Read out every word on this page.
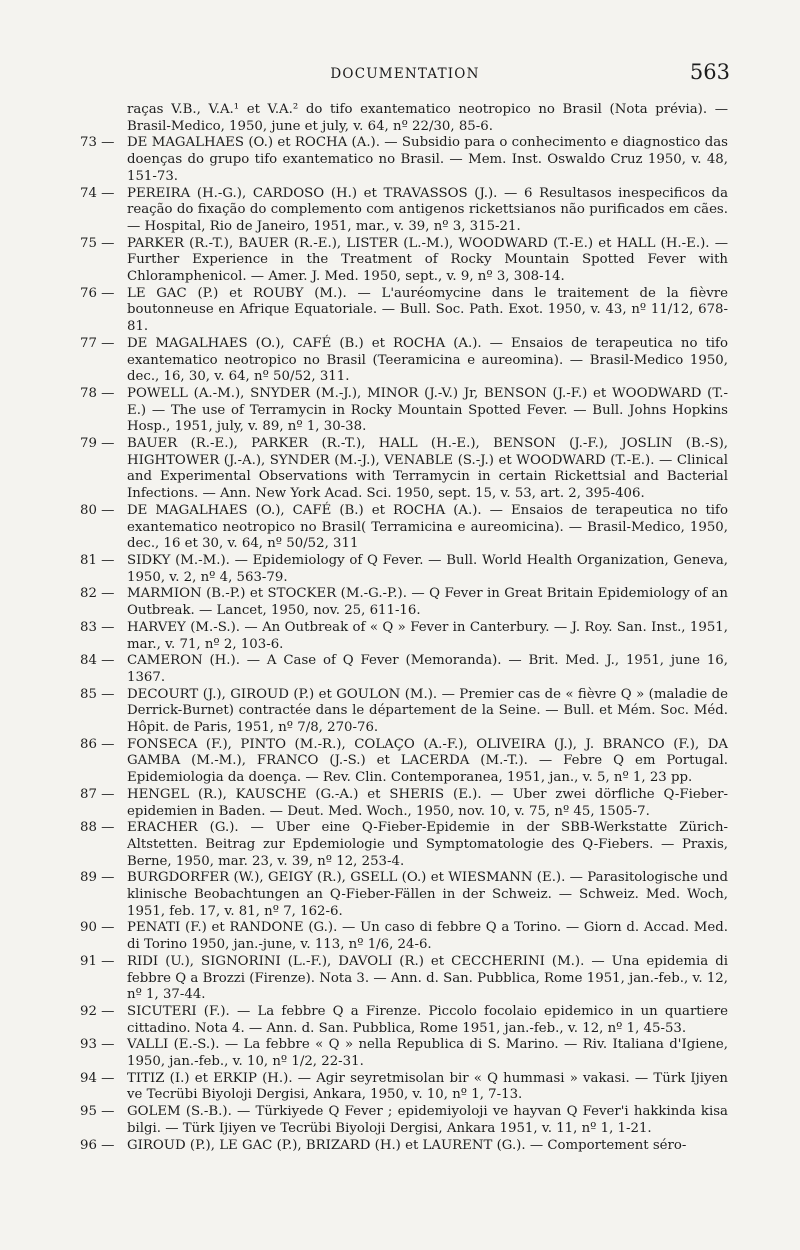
DOCUMENTATION	563

raças V.B., V.A.¹ et V.A.² do tifo exantematico neotropico no Brasil (Nota prévia). — Brasil-Medico, 1950, june et july, v. 64, nº 22/30, 85-6.

73 — DE MAGALHAES (O.) et ROCHA (A.). — Subsidio para o conhecimento e diagnostico das doenças do grupo tifo exantematico no Brasil. — Mem. Inst. Oswaldo Cruz 1950, v. 48, 151-73.

74 — PEREIRA (H.-G.), CARDOSO (H.) et TRAVASSOS (J.). — 6 Resultasos inespecificos da reação do fixação do complemento com antigenos rickettsianos não purificados em cães. — Hospital, Rio de Janeiro, 1951, mar., v. 39, nº 3, 315-21.

75 — PARKER (R.-T.), BAUER (R.-E.), LISTER (L.-M.), WOODWARD (T.-E.) et HALL (H.-E.). — Further Experience in the Treatment of Rocky Mountain Spotted Fever with Chloramphenicol. — Amer. J. Med. 1950, sept., v. 9, nº 3, 308-14.

76 — LE GAC (P.) et ROUBY (M.). — L'auréomycine dans le traitement de la fièvre boutonneuse en Afrique Equatoriale. — Bull. Soc. Path. Exot. 1950, v. 43, nº 11/12, 678-81.

77 — DE MAGALHAES (O.), CAFÉ (B.) et ROCHA (A.). — Ensaios de terapeutica no tifo exantematico neotropico no Brasil (Teeramicina e aureomina). — Brasil-Medico 1950, dec., 16, 30, v. 64, nº 50/52, 311.

78 — POWELL (A.-M.), SNYDER (M.-J.), MINOR (J.-V.) Jr, BENSON (J.-F.) et WOODWARD (T.-E.) — The use of Terramycin in Rocky Mountain Spotted Fever. — Bull. Johns Hopkins Hosp., 1951, july, v. 89, nº 1, 30-38.

79 — BAUER (R.-E.), PARKER (R.-T.), HALL (H.-E.), BENSON (J.-F.), JOSLIN (B.-S), HIGHTOWER (J.-A.), SYNDER (M.-J.), VENABLE (S.-J.) et WOODWARD (T.-E.). — Clinical and Experimental Observations with Terramycin in certain Rickettsial and Bacterial Infections. — Ann. New York Acad. Sci. 1950, sept. 15, v. 53, art. 2, 395-406.

80 — DE MAGALHAES (O.), CAFÉ (B.) et ROCHA (A.). — Ensaios de terapeutica no tifo exantematico neotropico no Brasil( Terramicina e aureomicina). — Brasil-Medico, 1950, dec., 16 et 30, v. 64, nº 50/52, 311

81 — SIDKY (M.-M.). — Epidemiology of Q Fever. — Bull. World Health Organization, Geneva, 1950, v. 2, nº 4, 563-79.

82 — MARMION (B.-P.) et STOCKER (M.-G.-P.). — Q Fever in Great Britain Epidemiology of an Outbreak. — Lancet, 1950, nov. 25, 611-16.

83 — HARVEY (M.-S.). — An Outbreak of « Q » Fever in Canterbury. — J. Roy. San. Inst., 1951, mar., v. 71, nº 2, 103-6.

84 — CAMERON (H.). — A Case of Q Fever (Memoranda). — Brit. Med. J., 1951, june 16, 1367.

85 — DECOURT (J.), GIROUD (P.) et GOULON (M.). — Premier cas de « fièvre Q » (maladie de Derrick-Burnet) contractée dans le département de la Seine. — Bull. et Mém. Soc. Méd. Hôpit. de Paris, 1951, nº 7/8, 270-76.

86 — FONSECA (F.), PINTO (M.-R.), COLAÇO (A.-F.), OLIVEIRA (J.), J. BRANCO (F.), DA GAMBA (M.-M.), FRANCO (J.-S.) et LACERDA (M.-T.). — Febre Q em Portugal. Epidemiologia da doença. — Rev. Clin. Contemporanea, 1951, jan., v. 5, nº 1, 23 pp.

87 — HENGEL (R.), KAUSCHE (G.-A.) et SHERIS (E.). — Uber zwei dörfliche Q-Fieber-epidemien in Baden. — Deut. Med. Woch., 1950, nov. 10, v. 75, nº 45, 1505-7.

88 — ERACHER (G.). — Uber eine Q-Fieber-Epidemie in der SBB-Werkstatte Zürich-Altstetten. Beitrag zur Epdemiologie und Symptomatologie des Q-Fiebers. — Praxis, Berne, 1950, mar. 23, v. 39, nº 12, 253-4.

89 — BURGDORFER (W.), GEIGY (R.), GSELL (O.) et WIESMANN (E.). — Parasitologische und klinische Beobachtungen an Q-Fieber-Fällen in der Schweiz. — Schweiz. Med. Woch, 1951, feb. 17, v. 81, nº 7, 162-6.

90 — PENATI (F.) et RANDONE (G.). — Un caso di febbre Q a Torino. — Giorn d. Accad. Med. di Torino 1950, jan.-june, v. 113, nº 1/6, 24-6.

91 — RIDI (U.), SIGNORINI (L.-F.), DAVOLI (R.) et CECCHERINI (M.). — Una epidemia di febbre Q a Brozzi (Firenze). Nota 3. — Ann. d. San. Pubblica, Rome 1951, jan.-feb., v. 12, nº 1, 37-44.

92 — SICUTERI (F.). — La febbre Q a Firenze. Piccolo focolaio epidemico in un quartiere cittadino. Nota 4. — Ann. d. San. Pubblica, Rome 1951, jan.-feb., v. 12, nº 1, 45-53.

93 — VALLI (E.-S.). — La febbre « Q » nella Republica di S. Marino. — Riv. Italiana d'Igiene, 1950, jan.-feb., v. 10, nº 1/2, 22-31.

94 — TITIZ (I.) et ERKIP (H.). — Agir seyretmisolan bir « Q hummasi » vakasi. — Türk Ijiyen ve Tecrübi Biyoloji Dergisi, Ankara, 1950, v. 10, nº 1, 7-13.

95 — GOLEM (S.-B.). — Türkiyede Q Fever ; epidemiyoloji ve hayvan Q Fever'i hakkinda kisa bilgi. — Türk Ijiyen ve Tecrübi Biyoloji Dergisi, Ankara 1951, v. 11, nº 1, 1-21.

96 — GIROUD (P.), LE GAC (P.), BRIZARD (H.) et LAURENT (G.). — Comportement séro-
